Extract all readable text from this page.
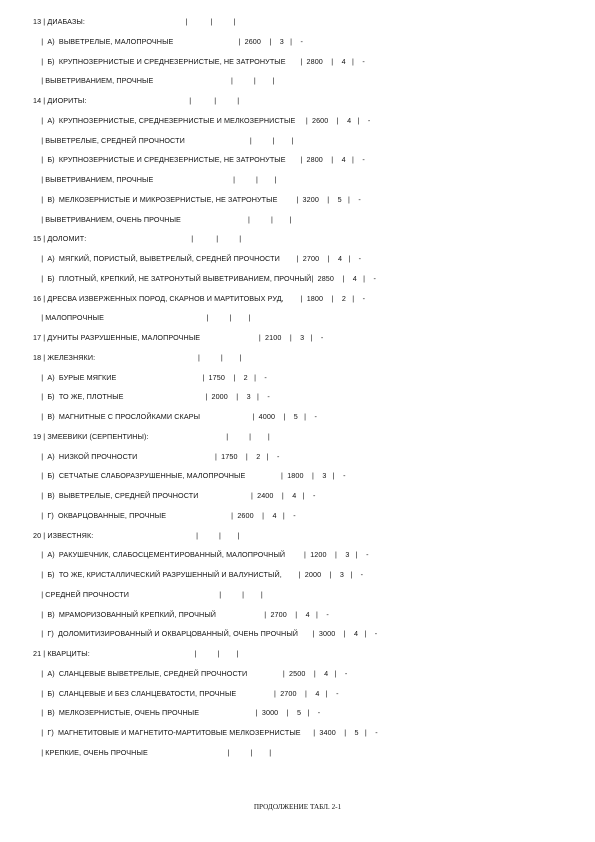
13 | ДИАБАЗЫ:                                                |           |          |
|  А)  ВЫВЕТРЕЛЫЕ, МАЛОПРОЧНЫЕ                               |  2600    |    3   |    -
|  Б)  КРУПНОЗЕРНИСТЫЕ И СРЕДНЕЗЕРНИСТЫЕ, НЕ ЗАТРОНУТЫЕ       |  2800    |    4   |    -
| ВЫВЕТРИВАНИЕМ, ПРОЧНЫЕ                                     |          |        |
14 | ДИОРИТЫ:                                                 |           |          |
|  А)  КРУПНОЗЕРНИСТЫЕ, СРЕДНЕЗЕРНИСТЫЕ И МЕЛКОЗЕРНИСТЫЕ     |  2600    |    4   |    -
| ВЫВЕТРЕЛЫЕ, СРЕДНЕЙ ПРОЧНОСТИ                               |          |        |
|  Б)  КРУПНОЗЕРНИСТЫЕ И СРЕДНЕЗЕРНИСТЫЕ, НЕ ЗАТРОНУТЫЕ       |  2800    |    4   |    -
| ВЫВЕТРИВАНИЕМ, ПРОЧНЫЕ                                      |          |        |
|  В)  МЕЛКОЗЕРНИСТЫЕ И МИКРОЗЕРНИСТЫЕ, НЕ ЗАТРОНУТЫЕ         |  3200    |    5   |    -
| ВЫВЕТРИВАНИЕМ, ОЧЕНЬ ПРОЧНЫЕ                                |          |        |
15 | ДОЛОМИТ:                                                  |           |          |
|  А)  МЯГКИЙ, ПОРИСТЫЙ, ВЫВЕТРЕЛЫЙ, СРЕДНЕЙ ПРОЧНОСТИ        |  2700    |    4   |    -
|  Б)  ПЛОТНЫЙ, КРЕПКИЙ, НЕ ЗАТРОНУТЫЙ ВЫВЕТРИВАНИЕМ, ПРОЧНЫЙ|  2850    |    4   |    -
16 | ДРЕСВА ИЗВЕРЖЕННЫХ ПОРОД, СКАРНОВ И МАРТИТОВЫХ РУД,        |  1800    |    2   |    -
| МАЛОПРОЧНЫЕ                                                 |          |        |
17 | ДУНИТЫ РАЗРУШЕННЫЕ, МАЛОПРОЧНЫЕ                            |  2100    |    3   |    -
18 | ЖЕЛЕЗНЯКИ:                                                 |          |        |
|  А)  БУРЫЕ МЯГКИЕ                                         |  1750    |    2   |    -
|  Б)  ТО ЖЕ, ПЛОТНЫЕ                                       |  2000    |    3   |    -
|  В)  МАГНИТНЫЕ С ПРОСЛОЙКАМИ СКАРЫ                         |  4000    |    5   |    -
19 | ЗМЕЕВИКИ (СЕРПЕНТИНЫ):                                     |          |        |
|  А)  НИЗКОЙ ПРОЧНОСТИ                                     |  1750    |    2   |    -
|  Б)  СЕТЧАТЫЕ СЛАБОРАЗРУШЕННЫЕ, МАЛОПРОЧНЫЕ                 |  1800    |    3   |    -
|  В)  ВЫВЕТРЕЛЫЕ, СРЕДНЕЙ ПРОЧНОСТИ                         |  2400    |    4   |    -
|  Г)  ОКВАРЦОВАННЫЕ, ПРОЧНЫЕ                               |  2600    |    4   |    -
20 | ИЗВЕСТНЯК:                                                 |          |        |
|  А)  РАКУШЕЧНИК, СЛАБОСЦЕМЕНТИРОВАННЫЙ, МАЛОПРОЧНЫЙ         |  1200    |    3   |    -
|  Б)  ТО ЖЕ, КРИСТАЛЛИЧЕСКИЙ РАЗРУШЕННЫЙ И ВАЛУНИСТЫЙ,        |  2000    |    3   |    -
| СРЕДНЕЙ ПРОЧНОСТИ                                           |          |        |
|  В)  МРАМОРИЗОВАННЫЙ КРЕПКИЙ, ПРОЧНЫЙ                       |  2700    |    4   |    -
|  Г)  ДОЛОМИТИЗИРОВАННЫЙ И ОКВАРЦОВАННЫЙ, ОЧЕНЬ ПРОЧНЫЙ       |  3000    |    4   |    -
21 | КВАРЦИТЫ:                                                  |          |        |
|  А)  СЛАНЦЕВЫЕ ВЫВЕТРЕЛЫЕ, СРЕДНЕЙ ПРОЧНОСТИ                 |  2500    |    4   |    -
|  Б)  СЛАНЦЕВЫЕ И БЕЗ СЛАНЦЕВАТОСТИ, ПРОЧНЫЕ                  |  2700    |    4   |    -
|  В)  МЕЛКОЗЕРНИСТЫЕ, ОЧЕНЬ ПРОЧНЫЕ                           |  3000    |    5   |    -
|  Г)  МАГНЕТИТОВЫЕ И МАГНЕТИТО-МАРТИТОВЫЕ МЕЛКОЗЕРНИСТЫЕ      |  3400    |    5   |    -
| КРЕПКИЕ, ОЧЕНЬ ПРОЧНЫЕ                                      |          |        |
ПРОДОЛЖЕНИЕ ТАБЛ. 2-1
